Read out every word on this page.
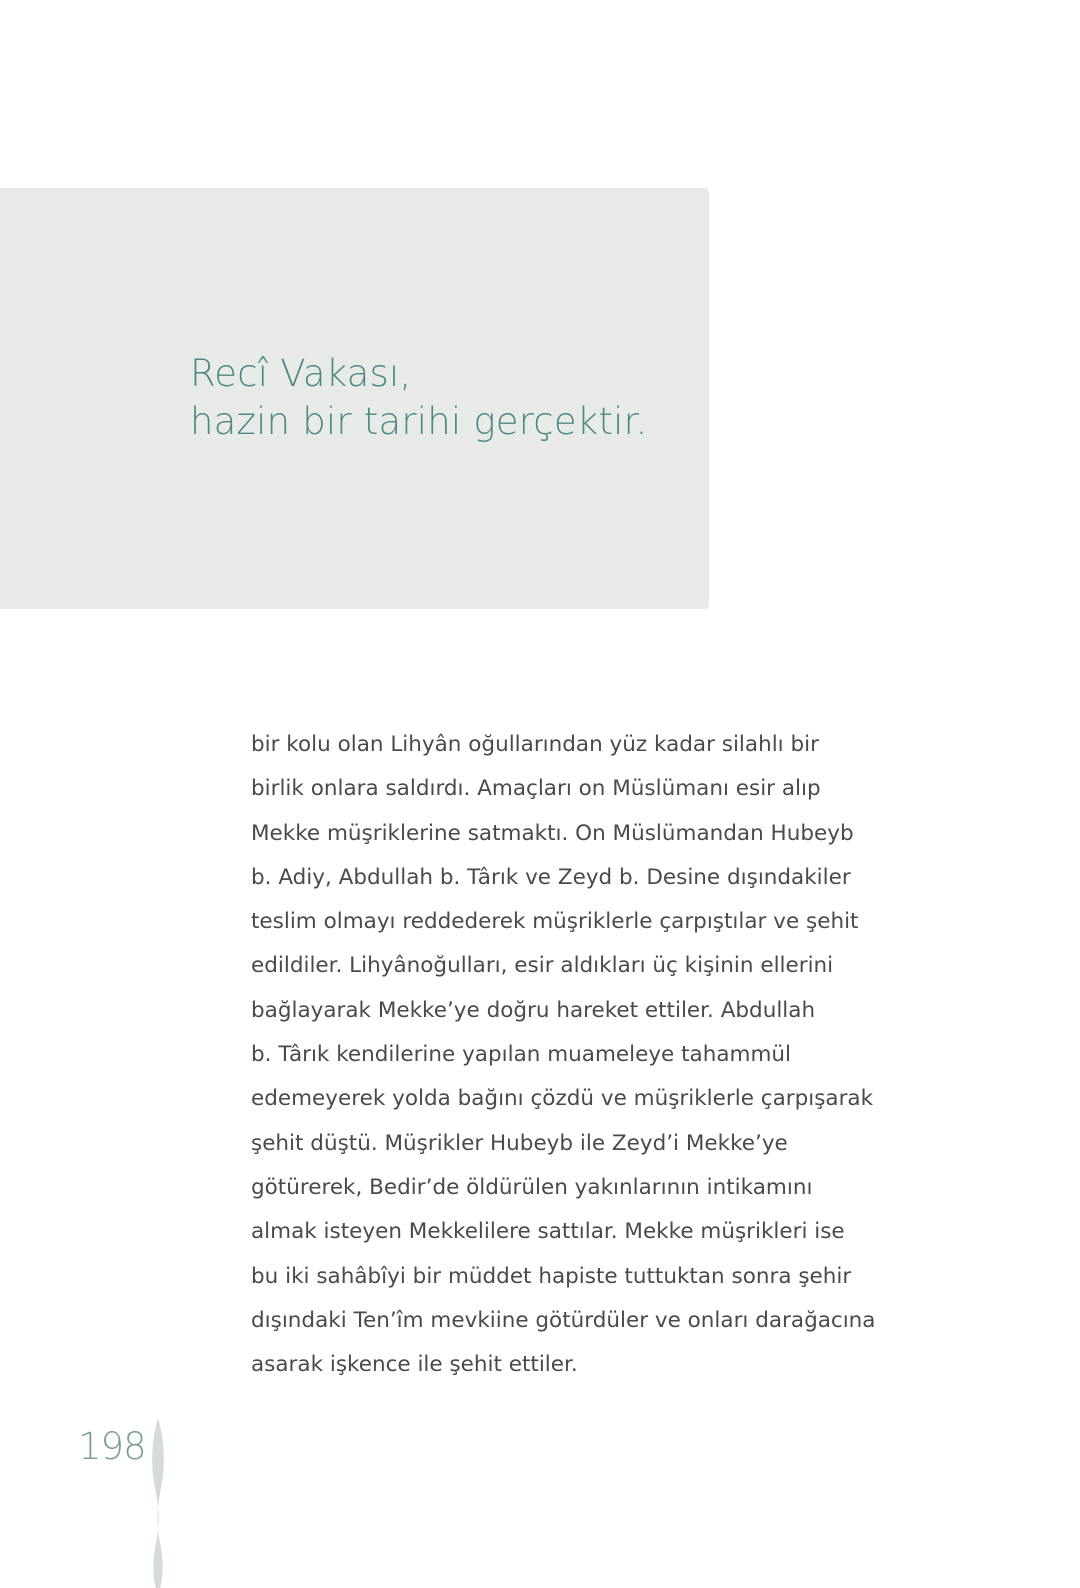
Recî Vakası,
hazin bir tarihi gerçektir.

bir kolu olan Lihyân oğullarından yüz kadar silahlı bir
birlik onlara saldırdı. Amaçları on Müslümanı esir alıp
Mekke müşriklerine satmaktı. On Müslümandan Hubeyb
b. Adiy, Abdullah b. Târık ve Zeyd b. Desine dışındakiler
teslim olmayı reddederek müşriklerle çarpıştılar ve şehit
edildiler. Lihyânoğulları, esir aldıkları üç kişinin ellerini
bağlayarak Mekke’ye doğru hareket ettiler. Abdullah
b. Târık kendilerine yapılan muameleye tahammül
edemeyerek yolda bağını çözdü ve müşriklerle çarpışarak
şehit düştü. Müşrikler Hubeyb ile Zeyd’i Mekke’ye
götürerek, Bedir’de öldürülen yakınlarının intikamını
almak isteyen Mekkelilere sattılar. Mekke müşrikleri ise
bu iki sahâbîyi bir müddet hapiste tuttuktan sonra şehir
dışındaki Ten’îm mevkiine götürdüler ve onları darağacına
asarak işkence ile şehit ettiler.

198
